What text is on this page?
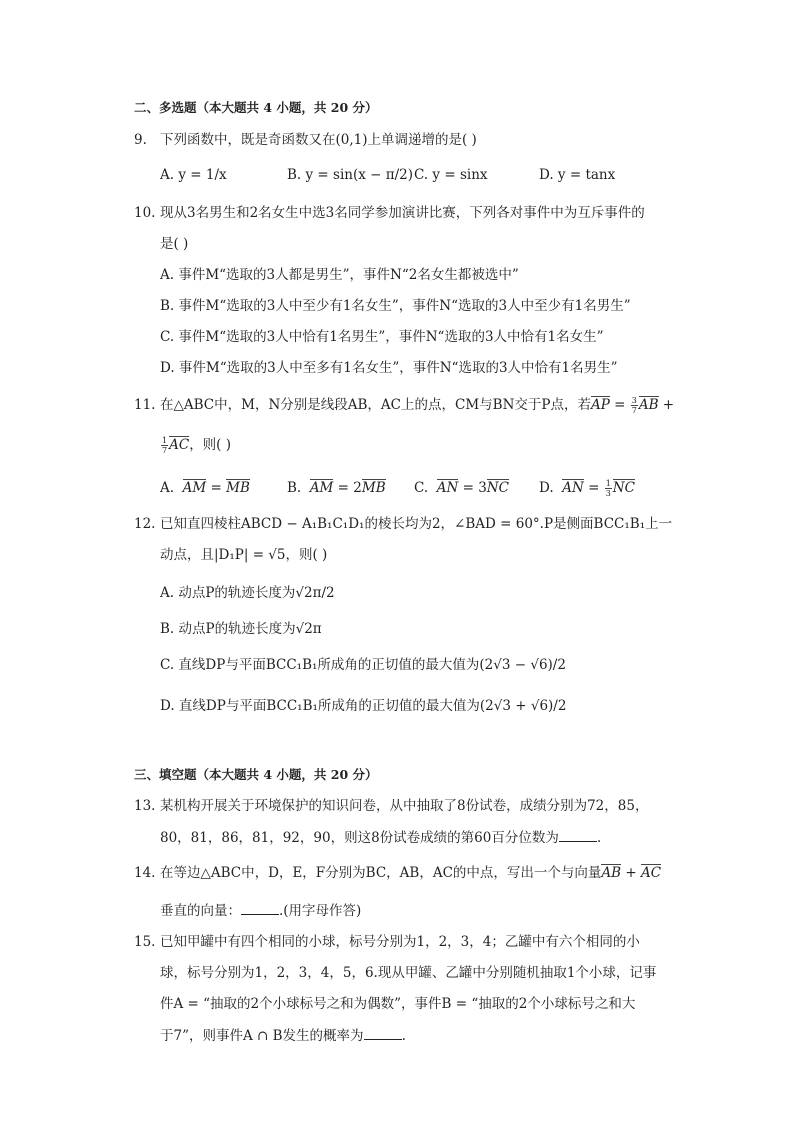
二、多选题（本大题共 4 小题，共 20 分）
9. 下列函数中，既是奇函数又在(0,1)上单调递增的是( )
A. y = 1/x	B. y = sin(x − π/2) C. y = sinx	D. y = tanx
10. 现从3名男生和2名女生中选3名同学参加演讲比赛，下列各对事件中为互斥事件的
是( )
A. 事件M“选取的3人都是男生”，事件N“2名女生都被选中”
B. 事件M“选取的3人中至少有1名女生”，事件N“选取的3人中至少有1名男生”
C. 事件M“选取的3人中恰有1名男生”，事件N“选取的3人中恰有1名女生”
D. 事件M“选取的3人中至多有1名女生”，事件N“选取的3人中恰有1名男生”
11. 在△ABC中，M，N分别是线段AB，AC上的点，CM与BN交于P点，若AP = $\frac{3}{7}$ AB +
$\frac{1}{7}$ AC，则( )
A. AM = MB	B. AM = 2MB C. AN = 3NC D. AN = $\frac{1}{3}$ NC
12. 已知直四棱柱ABCD − A₁B₁C₁D₁的棱长均为2，∠BAD = 60°.P是侧面BCC₁B₁上一
动点，且|D₁P| = √5，则( )
A. 动点P的轨迹长度为√2π/2
B. 动点P的轨迹长度为√2π
C. 直线DP与平面BCC₁B₁所成角的正切值的最大值为(2√3 − √6)/2
D. 直线DP与平面BCC₁B₁所成角的正切值的最大值为(2√3 + √6)/2
三、填空题（本大题共 4 小题，共 20 分）
13. 某机构开展关于环境保护的知识问卷，从中抽取了8份试卷，成绩分别为72，85，
80，81，86，81，92，90，则这8份试卷成绩的第60百分位数为	.
14. 在等边△ABC中，D，E，F分别为BC，AB，AC的中点，写出一个与向量AB + AC
垂直的向量：	.(用字母作答)
15. 已知甲罐中有四个相同的小球，标号分别为1，2，3，4；乙罐中有六个相同的小
球，标号分别为1，2，3，4，5，6.现从甲罐、乙罐中分别随机抽取1个小球，记事
件A = “抽取的2个小球标号之和为偶数”，事件B = “抽取的2个小球标号之和大
于7”，则事件A ∩ B发生的概率为	.
